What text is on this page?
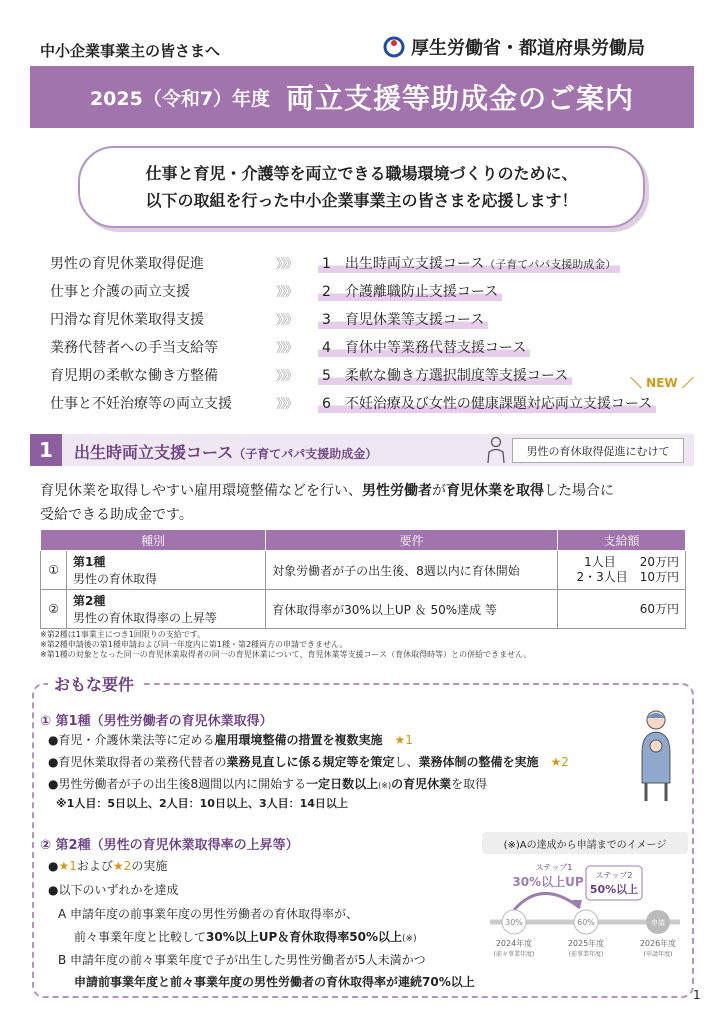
中小企業事業主の皆さまへ	厚生労働省・都道府県労働局
2025（令和7）年度 両立支援等助成金のご案内
仕事と育児・介護等を両立できる職場環境づくりのために、
以下の取組を行った中小企業事業主の皆さまを応援します！
男性の育児休業取得促進	》》》 1　 出生時両立支援コース（子育てパパ支援助成金）
仕事と介護の両立支援	》》》 2　 介護離職防止支援コース
円滑な育児休業取得支援	》》》 3　 育児休業等支援コース
業務代替者への手当支給等	》》》 4　 育休中等業務代替支援コース
育児期の柔軟な働き方整備	》》》 5　 柔軟な働き方選択制度等支援コース	＼ NEW ／
仕事と不妊治療等の両立支援	》》》 6　 不妊治療及び女性の健康課題対応両立支援コース
1	出生時両立支援コース（子育てパパ支援助成金）	男性の育休取得促進にむけて
育児休業を取得しやすい雇用環境整備などを行い、男性労働者が育児休業を取得した場合に
受給できる助成金です。
種別		要件	支給額
①	第1種
男性の育休取得	対象労働者が子の出生後、8週以内に育休開始	1人目　　20万円
2・3人目　10万円
②	第2種
男性の育休取得率の上昇等	育休取得率が30%以上UP ＆ 50%達成 等	60万円
※第2種は1事業主につき1回限りの支給です。
※第2種申請後の第1種申請および同一年度内に第1種・第2種両方の申請できません。
※第1種の対象となった同一の育児休業取得者の同一の育児休業について、育児休業等支援コース（育休取得時等）との併給できません。
おもな要件
① 第1種（男性労働者の育児休業取得）
●育児・介護休業法等に定める雇用環境整備の措置を複数実施　 ★1
●育児休業取得者の業務代替者の業務見直しに係る規定等を策定し、業務体制の整備を実施　 ★2
●男性労働者が子の出生後8週間以内に開始する一定日数以上(※)の育児休業を取得
※1人目：5日以上、2人目：10日以上、3人目：14日以上
② 第2種（男性の育児休業取得率の上昇等）
●★1および★2の実施
●以下のいずれかを達成
A 申請年度の前事業年度の男性労働者の育休取得率が、
前々事業年度と比較して30%以上UP＆育休取得率50%以上(※)
B 申請年度の前々事業年度で子が出生した男性労働者が5人未満かつ
申請前事業年度と前々事業年度の男性労働者の育休取得率が連続70%以上
(※)Aの達成から申請までのイメージ
ステップ1
30%以上UP ステップ2
50%以上
30%	60%	申請
2024年度
(前々事業年度)
2025年度
(前事業年度)
2026年度
(申請年度)
1
